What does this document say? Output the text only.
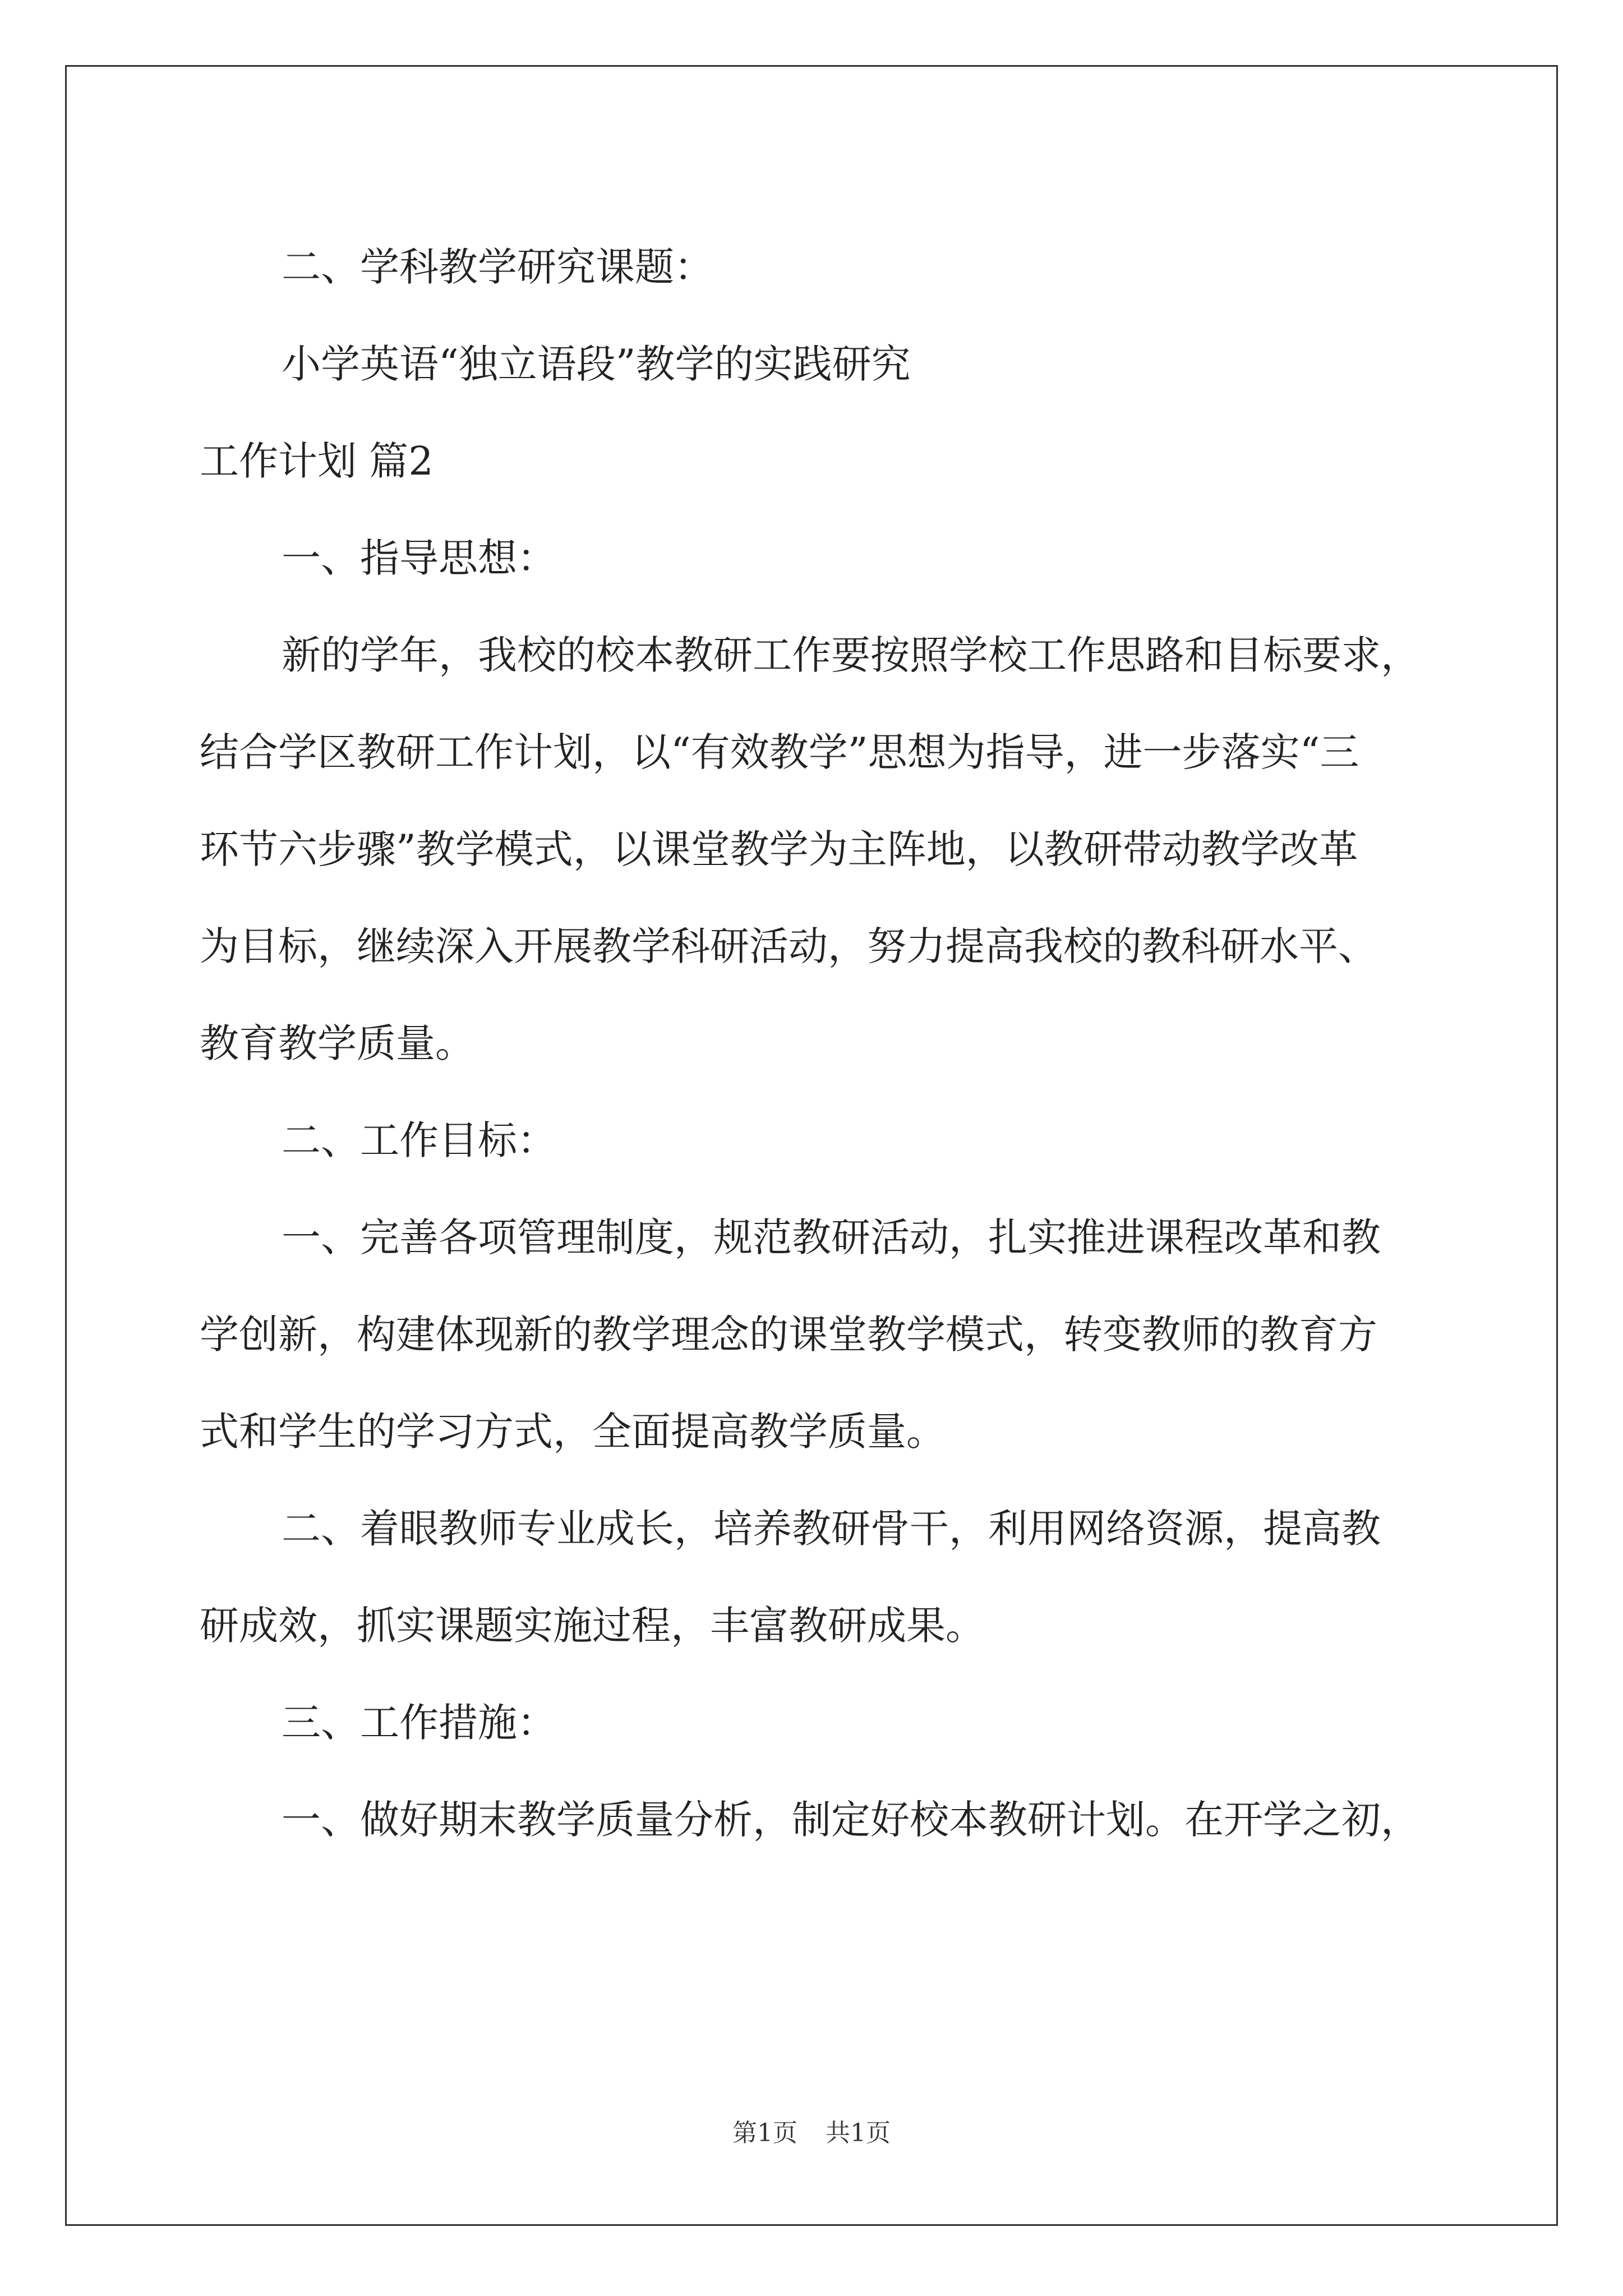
二、学科教学研究课题：

小学英语“独立语段”教学的实践研究

工作计划 篇2

一、指导思想：

新的学年，我校的校本教研工作要按照学校工作思路和目标要求，

结合学区教研工作计划，以“有效教学”思想为指导，进一步落实“三

环节六步骤”教学模式，以课堂教学为主阵地，以教研带动教学改革

为目标，继续深入开展教学科研活动，努力提高我校的教科研水平、

教育教学质量。

二、工作目标：

一、完善各项管理制度，规范教研活动，扎实推进课程改革和教

学创新，构建体现新的教学理念的课堂教学模式，转变教师的教育方

式和学生的学习方式，全面提高教学质量。

二、着眼教师专业成长，培养教研骨干，利用网络资源，提高教

研成效，抓实课题实施过程，丰富教研成果。

三、工作措施：

一、做好期末教学质量分析，制定好校本教研计划。在开学之初，

第1页 共1页
